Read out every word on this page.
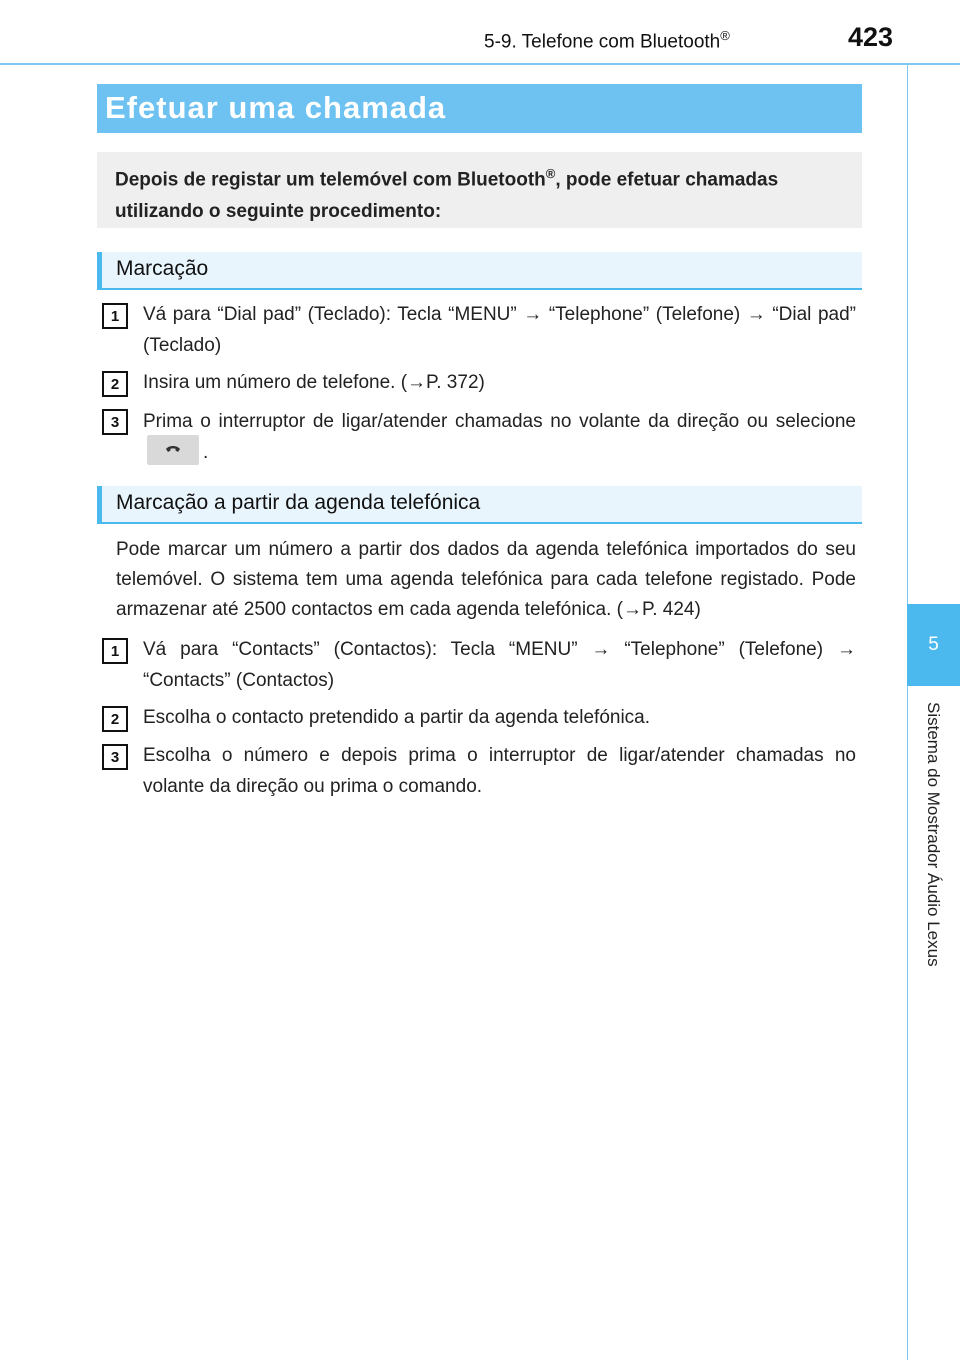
5-9. Telefone com Bluetooth®	423
5
Sistema do Mostrador Áudio Lexus
Efetuar uma chamada

Depois de registar um telemóvel com Bluetooth®, pode efetuar chamadas utilizando o seguinte procedimento:

Marcação
1	Vá para “Dial pad” (Teclado): Tecla “MENU” → “Telephone” (Telefone) → “Dial pad” (Teclado)
2	Insira um número de telefone. (→P. 372)
3	Prima o interruptor de ligar/atender chamadas no volante da direção ou selecione
.
Marcação a partir da agenda telefónica
Pode marcar um número a partir dos dados da agenda telefónica importados do seu telemóvel. O sistema tem uma agenda telefónica para cada telefone registado. Pode armazenar até 2500 contactos em cada agenda telefónica. (→P. 424)
1	Vá para “Contacts” (Contactos): Tecla “MENU” → “Telephone” (Telefone) → “Contacts” (Contactos)
2	Escolha o contacto pretendido a partir da agenda telefónica.
3	Escolha o número e depois prima o interruptor de ligar/atender chamadas no volante da direção ou prima o comando.
